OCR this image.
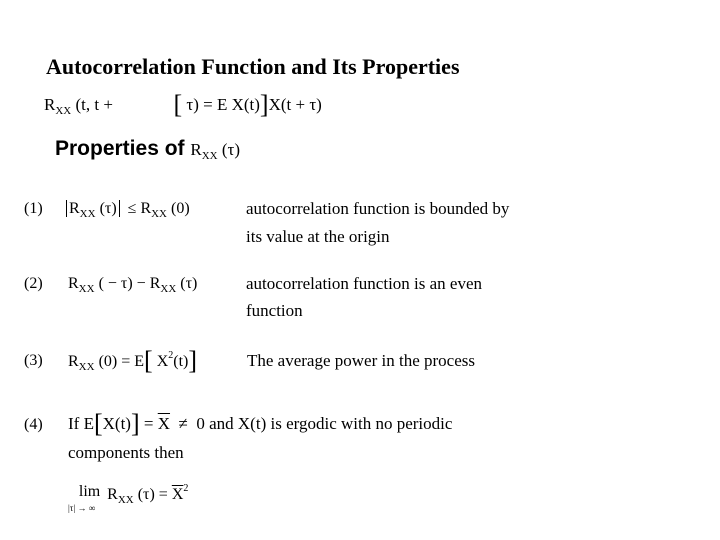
Autocorrelation Function and Its Properties
$R_{XX}$ (t, t + [ τ) = E X(t)]X(t + τ)
Properties of $R_{XX}$ (τ)
(1) $R_{XX}$ $(\tau) \le R_{XX}$ (0)	autocorrelation function is bounded by
its value at the origin
(2) $R_{XX}$ ( − $\tau) - R_{XX}$ (τ)	autocorrelation function is an even
function
(3) $R_{XX}$ (0) = E[ $X^2(t)$]	The average power in the process
(4) If $E[X(t)] = \overline{X} \ne 0$ and X(t) is ergodic with no periodic
components then
lim
|τ| → ∞ $R_{XX}$ $(\tau) = \overline{X}^2$
